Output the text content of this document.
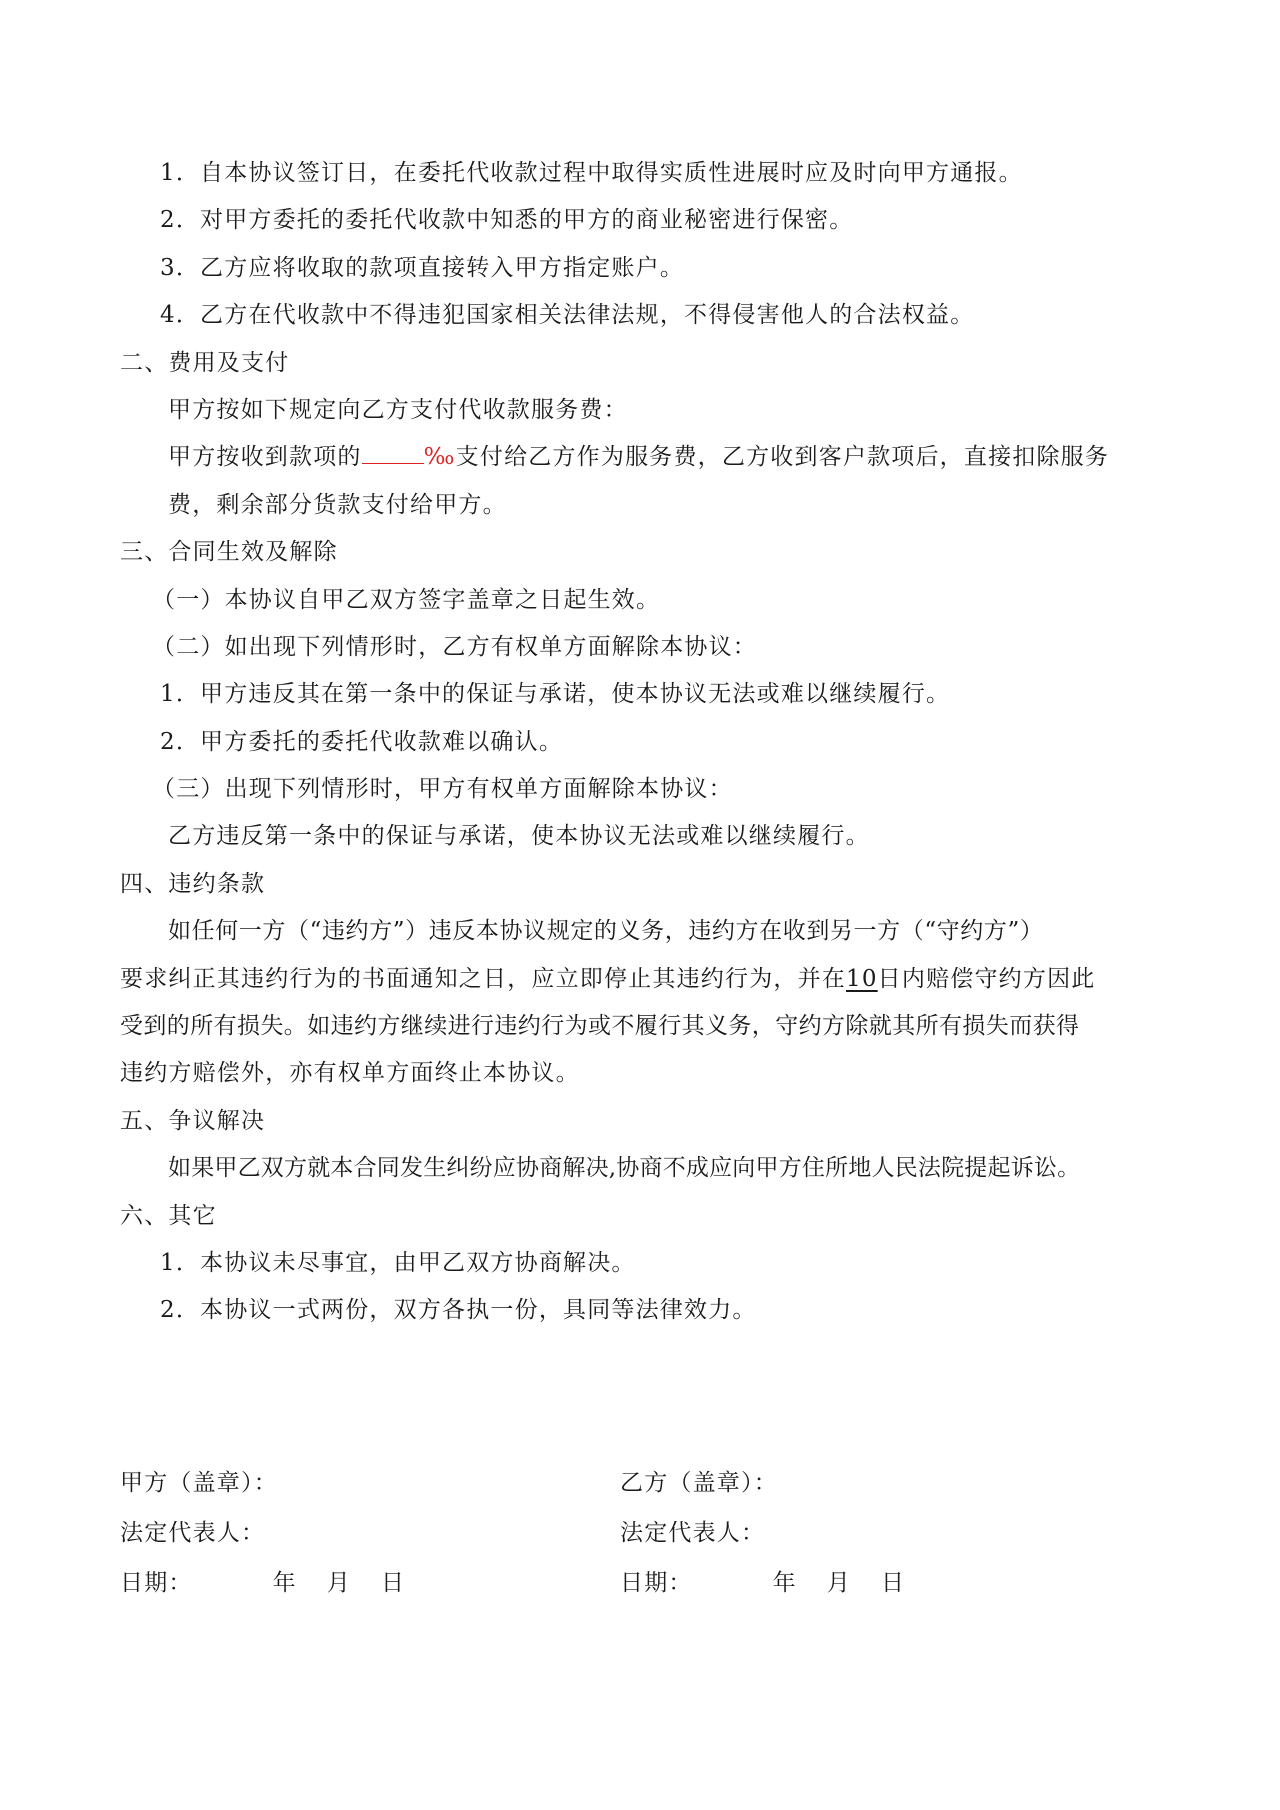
1．自本协议签订日，在委托代收款过程中取得实质性进展时应及时向甲方通报。
2．对甲方委托的委托代收款中知悉的甲方的商业秘密进行保密。
3．乙方应将收取的款项直接转入甲方指定账户。
4．乙方在代收款中不得违犯国家相关法律法规，不得侵害他人的合法权益。
二、费用及支付
甲方按如下规定向乙方支付代收款服务费：
甲方按收到款项的	‰支付给乙方作为服务费，乙方收到客户款项后，直接扣除服务
费，剩余部分货款支付给甲方。
三、合同生效及解除
（一）本协议自甲乙双方签字盖章之日起生效。
（二）如出现下列情形时，乙方有权单方面解除本协议：
1．甲方违反其在第一条中的保证与承诺，使本协议无法或难以继续履行。
2．甲方委托的委托代收款难以确认。
（三）出现下列情形时，甲方有权单方面解除本协议：
乙方违反第一条中的保证与承诺，使本协议无法或难以继续履行。
四、违约条款
如任何一方（“违约方”）违反本协议规定的义务，违约方在收到另一方（“守约方”）
要求纠正其违约行为的书面通知之日，应立即停止其违约行为，并在10日内赔偿守约方因此
受到的所有损失。如违约方继续进行违约行为或不履行其义务，守约方除就其所有损失而获得
违约方赔偿外，亦有权单方面终止本协议。
五、争议解决
如果甲乙双方就本合同发生纠纷应协商解决,协商不成应向甲方住所地人民法院提起诉讼。
六、其它
1．本协议未尽事宜，由甲乙双方协商解决。
2．本协议一式两份，双方各执一份，具同等法律效力。
甲方（盖章）：	乙方（盖章）：
法定代表人：	法定代表人：
日期：	年 月 日	日期：	年 月 日
